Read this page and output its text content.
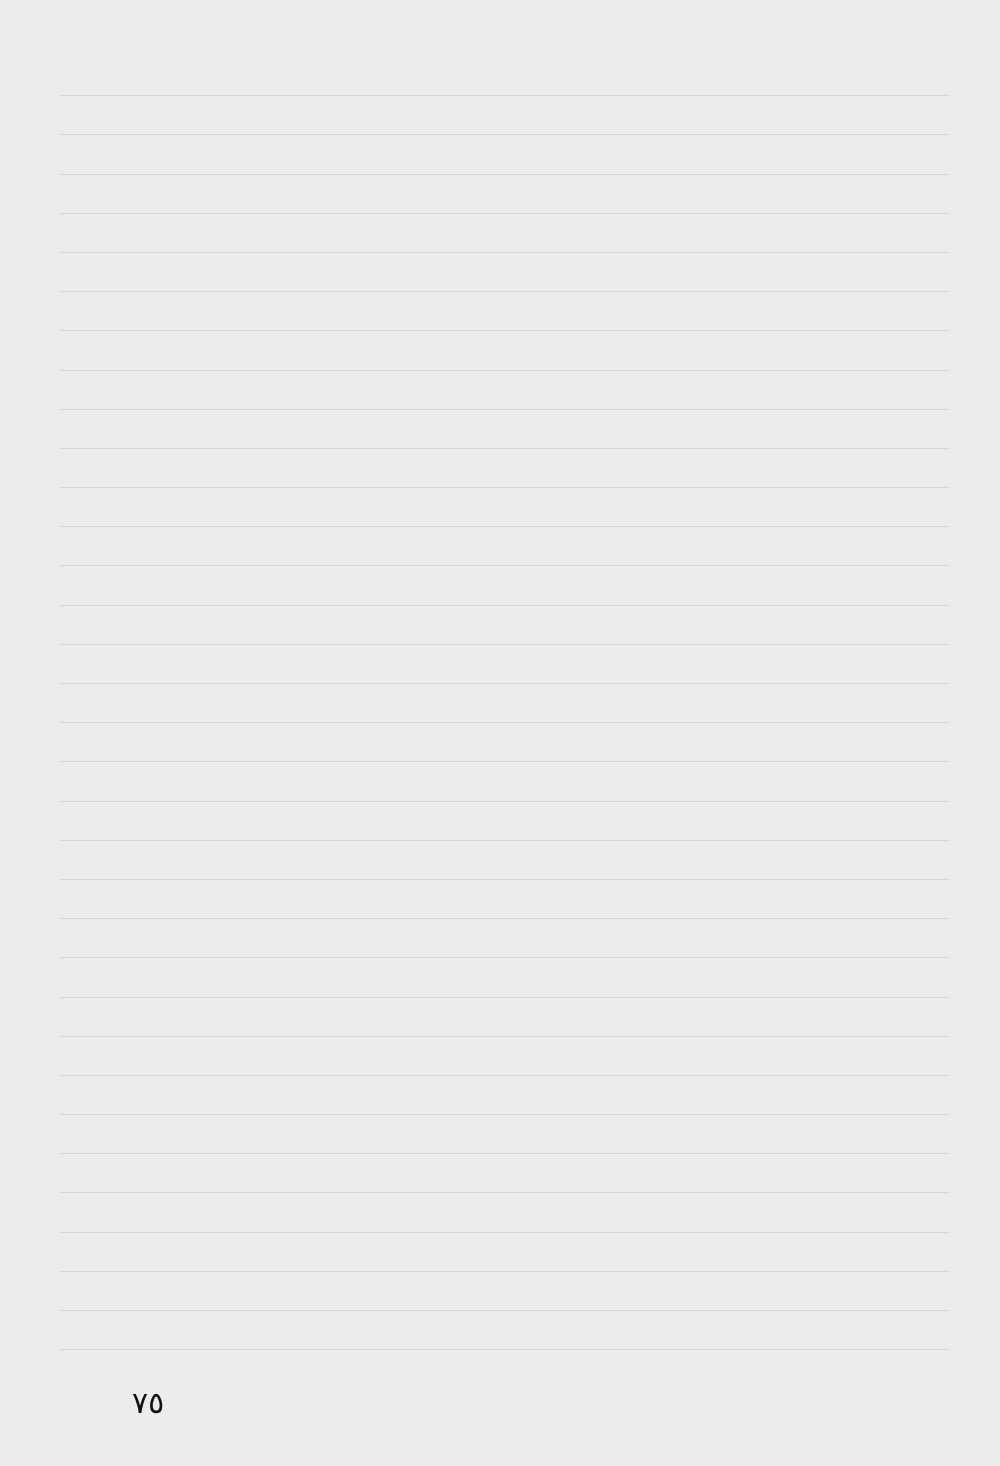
٧٥
